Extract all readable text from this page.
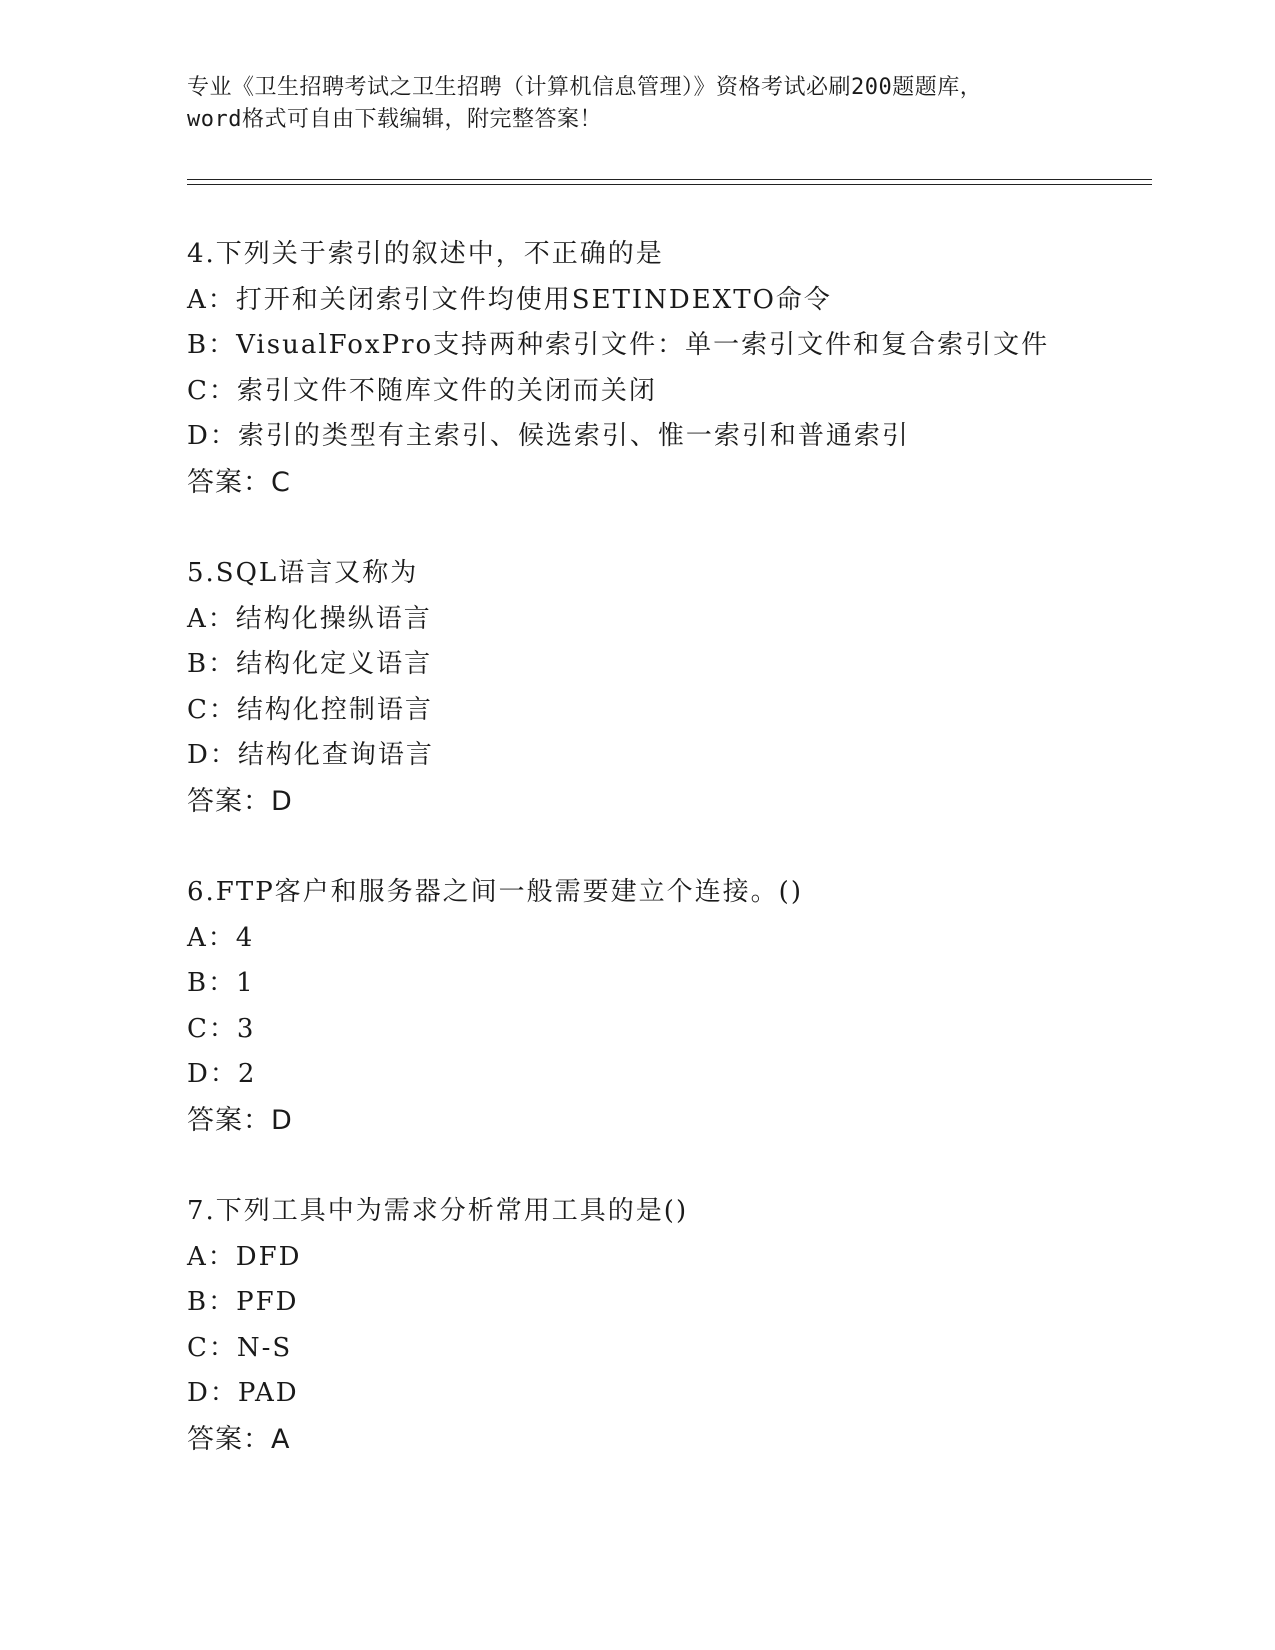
专业《卫生招聘考试之卫生招聘（计算机信息管理）》资格考试必刷200题题库，
word格式可自由下载编辑，附完整答案！
4.下列关于索引的叙述中，不正确的是
A：打开和关闭索引文件均使用SETINDEXTO命令
B：VisualFoxPro支持两种索引文件：单一索引文件和复合索引文件
C：索引文件不随库文件的关闭而关闭
D：索引的类型有主索引、候选索引、惟一索引和普通索引
答案：C
5.SQL语言又称为
A：结构化操纵语言
B：结构化定义语言
C：结构化控制语言
D：结构化查询语言
答案：D
6.FTP客户和服务器之间一般需要建立个连接。()
A：4
B：1
C：3
D：2
答案：D
7.下列工具中为需求分析常用工具的是()
A：DFD
B：PFD
C：N-S
D：PAD
答案：A
